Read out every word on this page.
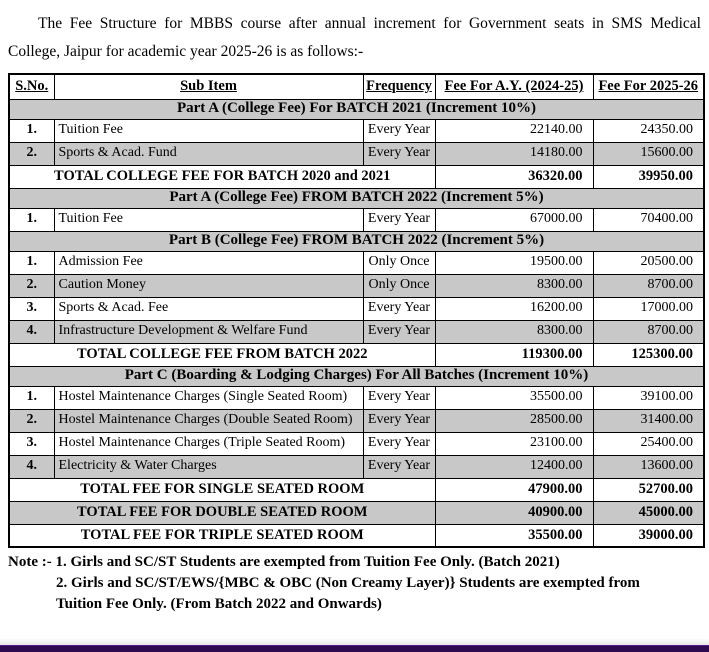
The Fee Structure for MBBS course after annual increment for Government seats in SMS Medical

College, Jaipur for academic year 2025-26 is as follows:-

S.No.	Sub Item	Frequency	Fee For A.Y. (2024-25)	Fee For 2025-26
Part A (College Fee) For BATCH 2021 (Increment 10%)				
1.	Tuition Fee	Every Year	22140.00	24350.00
2.	Sports & Acad. Fund	Every Year	14180.00	15600.00
TOTAL COLLEGE FEE FOR BATCH 2020 and 2021			36320.00	39950.00
Part A (College Fee) FROM BATCH 2022 (Increment 5%)				
1.	Tuition Fee	Every Year	67000.00	70400.00
Part B (College Fee) FROM BATCH 2022 (Increment 5%)				
1.	Admission Fee	Only Once	19500.00	20500.00
2.	Caution Money	Only Once	8300.00	8700.00
3.	Sports & Acad. Fee	Every Year	16200.00	17000.00
4.	Infrastructure Development & Welfare Fund	Every Year	8300.00	8700.00
TOTAL COLLEGE FEE FROM BATCH 2022			119300.00	125300.00
Part C (Boarding & Lodging Charges) For All Batches (Increment 10%)				
1.	Hostel Maintenance Charges (Single Seated Room)	Every Year	35500.00	39100.00
2.	Hostel Maintenance Charges (Double Seated Room)	Every Year	28500.00	31400.00
3.	Hostel Maintenance Charges (Triple Seated Room)	Every Year	23100.00	25400.00
4.	Electricity & Water Charges	Every Year	12400.00	13600.00
TOTAL FEE FOR SINGLE SEATED ROOM			47900.00	52700.00
TOTAL FEE FOR DOUBLE SEATED ROOM			40900.00	45000.00
TOTAL FEE FOR TRIPLE SEATED ROOM			35500.00	39000.00

Note :- 1. Girls and SC/ST Students are exempted from Tuition Fee Only. (Batch 2021)

2. Girls and SC/ST/EWS/{MBC & OBC (Non Creamy Layer)} Students are exempted from

Tuition Fee Only. (From Batch 2022 and Onwards)
